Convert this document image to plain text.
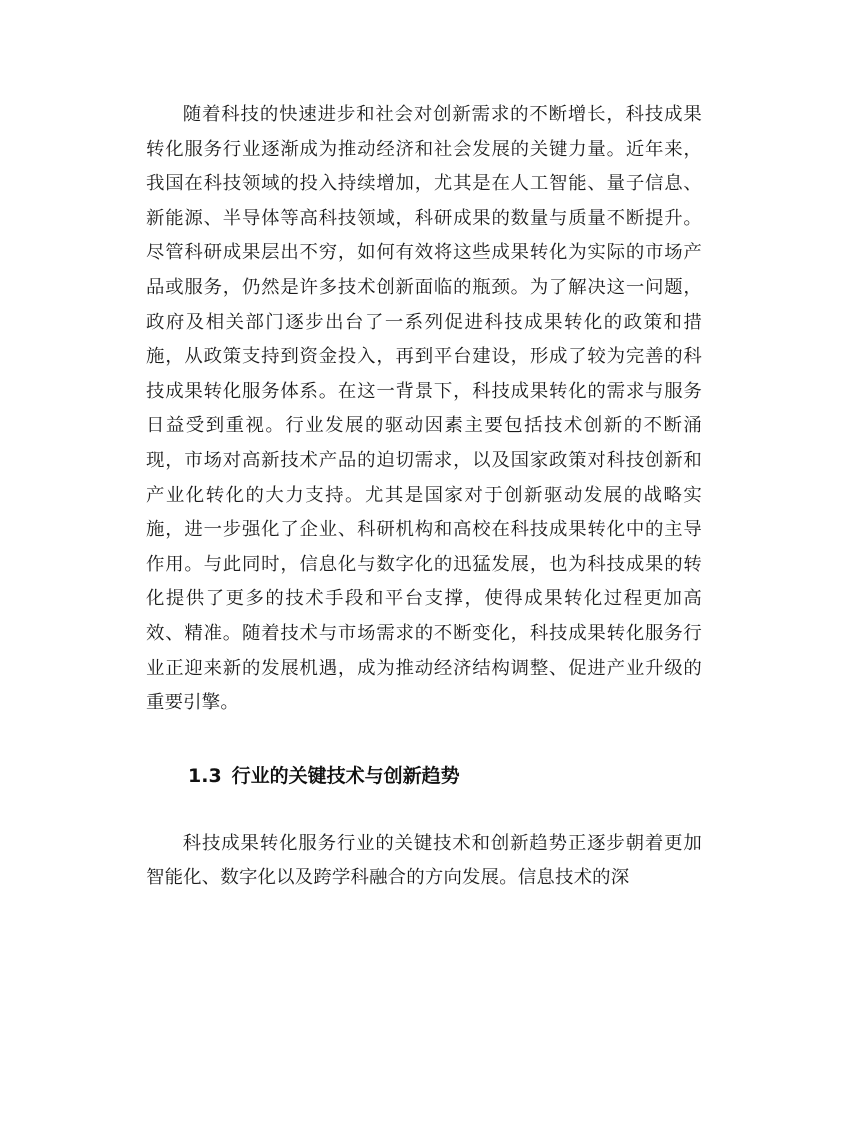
随着科技的快速进步和社会对创新需求的不断增长，科技成果转化服务行业逐渐成为推动经济和社会发展的关键力量。近年来，我国在科技领域的投入持续增加，尤其是在人工智能、量子信息、新能源、半导体等高科技领域，科研成果的数量与质量不断提升。尽管科研成果层出不穷，如何有效将这些成果转化为实际的市场产品或服务，仍然是许多技术创新面临的瓶颈。为了解决这一问题，政府及相关部门逐步出台了一系列促进科技成果转化的政策和措施，从政策支持到资金投入，再到平台建设，形成了较为完善的科技成果转化服务体系。在这一背景下，科技成果转化的需求与服务日益受到重视。行业发展的驱动因素主要包括技术创新的不断涌现，市场对高新技术产品的迫切需求，以及国家政策对科技创新和产业化转化的大力支持。尤其是国家对于创新驱动发展的战略实施，进一步强化了企业、科研机构和高校在科技成果转化中的主导作用。与此同时，信息化与数字化的迅猛发展，也为科技成果的转化提供了更多的技术手段和平台支撑，使得成果转化过程更加高效、精准。随着技术与市场需求的不断变化，科技成果转化服务行业正迎来新的发展机遇，成为推动经济结构调整、促进产业升级的重要引擎。

1.3 行业的关键技术与创新趋势

科技成果转化服务行业的关键技术和创新趋势正逐步朝着更加智能化、数字化以及跨学科融合的方向发展。信息技术的深
